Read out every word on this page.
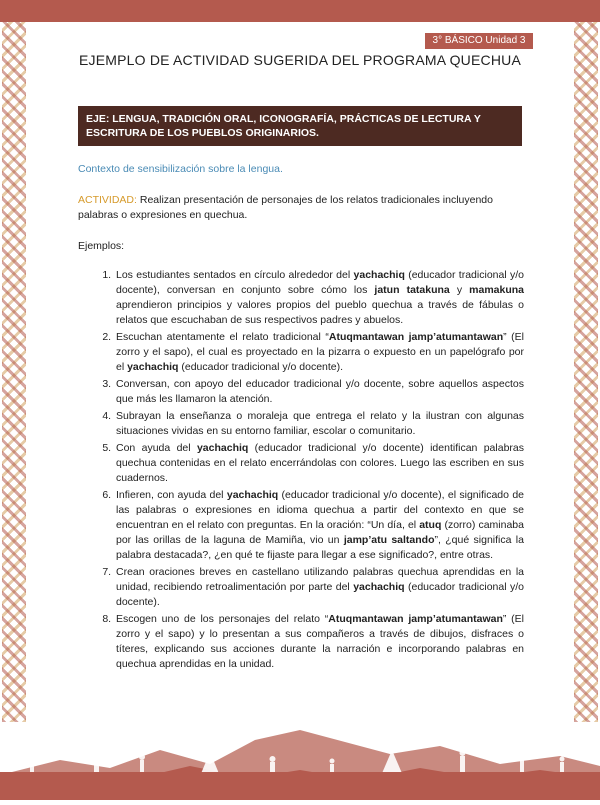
3° BÁSICO Unidad 3
EJEMPLO DE ACTIVIDAD SUGERIDA DEL PROGRAMA QUECHUA
EJE: LENGUA, TRADICIÓN ORAL, ICONOGRAFÍA, PRÁCTICAS DE LECTURA Y ESCRITURA DE LOS PUEBLOS ORIGINARIOS.

Contexto de sensibilización sobre la lengua.

ACTIVIDAD: Realizan presentación de personajes de los relatos tradicionales incluyendo palabras o expresiones en quechua.

Ejemplos:

1. Los estudiantes sentados en círculo alrededor del yachachiq (educador tradicional y/o docente), conversan en conjunto sobre cómo los jatun tatakuna y mamakuna aprendieron principios y valores propios del pueblo quechua a través de fábulas o relatos que escuchaban de sus respectivos padres y abuelos.
2. Escuchan atentamente el relato tradicional “Atuqmantawan jamp’atumantawan” (El zorro y el sapo), el cual es proyectado en la pizarra o expuesto en un papelógrafo por el yachachiq (educador tradicional y/o docente).
3. Conversan, con apoyo del educador tradicional y/o docente, sobre aquellos aspectos que más les llamaron la atención.
4. Subrayan la enseñanza o moraleja que entrega el relato y la ilustran con algunas situaciones vividas en su entorno familiar, escolar o comunitario.
5. Con ayuda del yachachiq (educador tradicional y/o docente) identifican palabras quechua contenidas en el relato encerrándolas con colores. Luego las escriben en sus cuadernos.
6. Infieren, con ayuda del yachachiq (educador tradicional y/o docente), el significado de las palabras o expresiones en idioma quechua a partir del contexto en que se encuentran en el relato con preguntas. En la oración: “Un día, el atuq (zorro) caminaba por las orillas de la laguna de Mamiña, vio un jamp’atu saltando”, ¿qué significa la palabra destacada?, ¿en qué te fijaste para llegar a ese significado?, entre otras.
7. Crean oraciones breves en castellano utilizando palabras quechua aprendidas en la unidad, recibiendo retroalimentación por parte del yachachiq (educador tradicional y/o docente).
8. Escogen uno de los personajes del relato “Atuqmantawan jamp’atumantawan” (El zorro y el sapo) y lo presentan a sus compañeros a través de dibujos, disfraces o títeres, explicando sus acciones durante la narración e incorporando palabras en quechua aprendidas en la unidad.
